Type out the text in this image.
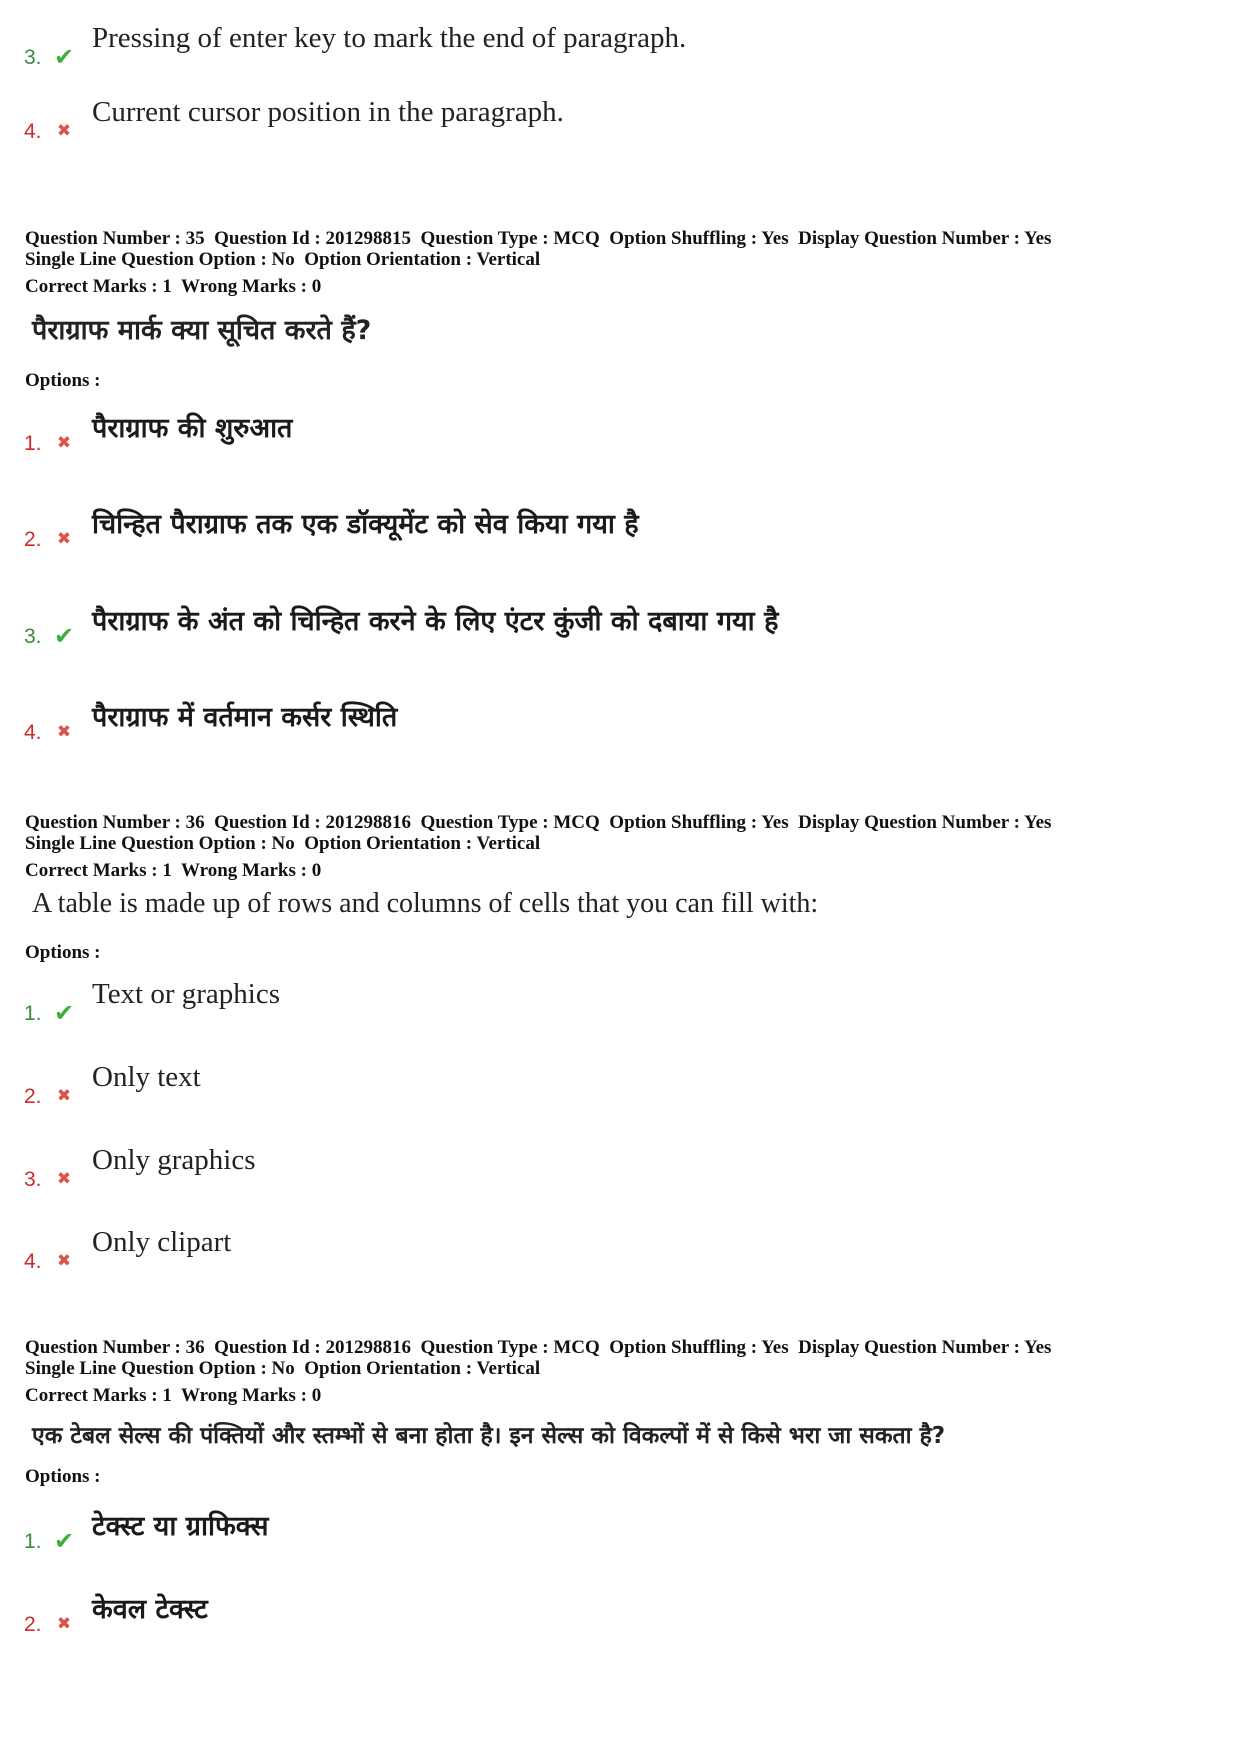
3. ✔
Pressing of enter key to mark the end of paragraph.
4. ✖
Current cursor position in the paragraph.
Question Number : 35  Question Id : 201298815  Question Type : MCQ  Option Shuffling : Yes  Display Question Number : Yes
Single Line Question Option : No  Option Orientation : Vertical
Correct Marks : 1  Wrong Marks : 0
पैराग्राफ मार्क क्या सूचित करते हैं?
Options :
1. ✖ पैराग्राफ की शुरुआत
2. ✖ चिन्हित पैराग्राफ तक एक डॉक्यूमेंट को सेव किया गया है
3. ✔ पैराग्राफ के अंत को चिन्हित करने के लिए एंटर कुंजी को दबाया गया है
4. ✖ पैराग्राफ में वर्तमान कर्सर स्थिति
Question Number : 36  Question Id : 201298816  Question Type : MCQ  Option Shuffling : Yes  Display Question Number : Yes
Single Line Question Option : No  Option Orientation : Vertical
Correct Marks : 1  Wrong Marks : 0
A table is made up of rows and columns of cells that you can fill with:
Options :
1. ✔
Text or graphics
2. ✖
Only text
3. ✖
Only graphics
4. ✖
Only clipart
Question Number : 36  Question Id : 201298816  Question Type : MCQ  Option Shuffling : Yes  Display Question Number : Yes
Single Line Question Option : No  Option Orientation : Vertical
Correct Marks : 1  Wrong Marks : 0
एक टेबल सेल्स की पंक्तियों और स्तम्भों से बना होता है। इन सेल्स को विकल्पों में से किसे भरा जा सकता है?
Options :
1. ✔ टेक्स्ट या ग्राफिक्स
2. ✖ केवल टेक्स्ट
